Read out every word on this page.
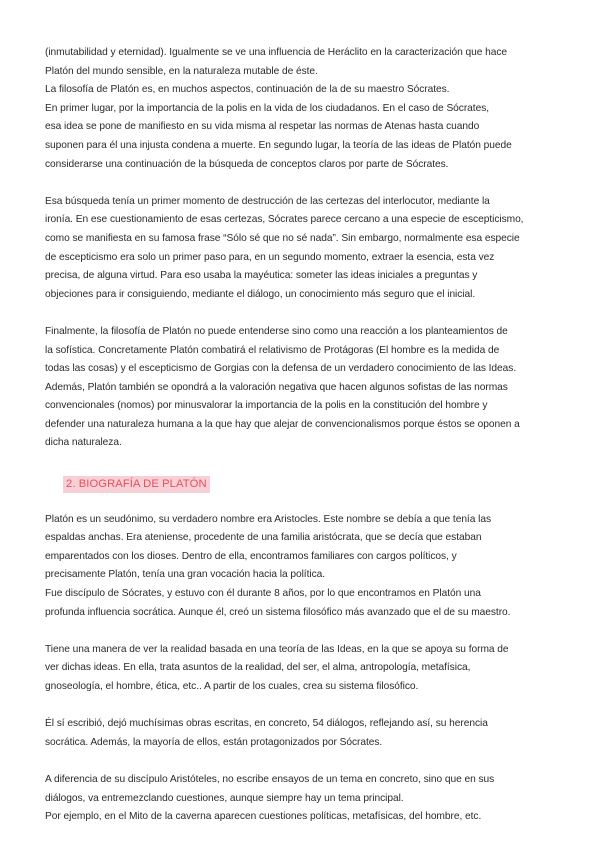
(inmutabilidad y eternidad). Igualmente se ve una influencia de Heráclito en la caracterización que hace

Platón del mundo sensible, en la naturaleza mutable de éste.

La filosofía de Platón es, en muchos aspectos, continuación de la de su maestro Sócrates.

En primer lugar, por la importancia de la polis en la vida de los ciudadanos. En el caso de Sócrates,

esa idea se pone de manifiesto en su vida misma al respetar las normas de Atenas hasta cuando

suponen para él una injusta condena a muerte. En segundo lugar, la teoría de las ideas de Platón puede

considerarse una continuación de la búsqueda de conceptos claros por parte de Sócrates.

Esa búsqueda tenía un primer momento de destrucción de las certezas del interlocutor, mediante la

ironía. En ese cuestionamiento de esas certezas, Sócrates parece cercano a una especie de escepticismo,

como se manifiesta en su famosa frase “Sólo sé que no sé nada”. Sin embargo, normalmente esa especie

de escepticismo era solo un primer paso para, en un segundo momento, extraer la esencia, esta vez

precisa, de alguna virtud. Para eso usaba la mayéutica: someter las ideas iniciales a preguntas y

objeciones para ir consiguiendo, mediante el diálogo, un conocimiento más seguro que el inicial.

Finalmente, la filosofía de Platón no puede entenderse sino como una reacción a los planteamientos de

la sofística. Concretamente Platón combatirá el relativismo de Protágoras (El hombre es la medida de

todas las cosas) y el escepticismo de Gorgias con la defensa de un verdadero conocimiento de las Ideas.

Además, Platón también se opondrá a la valoración negativa que hacen algunos sofistas de las normas

convencionales (nomos) por minusvalorar la importancia de la polis en la constitución del hombre y

defender una naturaleza humana a la que hay que alejar de convencionalismos porque éstos se oponen a

dicha naturaleza.

2. BIOGRAFÍA DE PLATÓN

Platón es un seudónimo, su verdadero nombre era Aristocles. Este nombre se debía a que tenía las

espaldas anchas. Era ateniense, procedente de una familia aristócrata, que se decía que estaban

emparentados con los dioses. Dentro de ella, encontramos familiares con cargos políticos, y

precisamente Platón, tenía una gran vocación hacia la política.

Fue discípulo de Sócrates, y estuvo con él durante 8 años, por lo que encontramos en Platón una

profunda influencia socrática. Aunque él, creó un sistema filosófico más avanzado que el de su maestro.

Tiene una manera de ver la realidad basada en una teoría de las Ideas, en la que se apoya su forma de

ver dichas ideas. En ella, trata asuntos de la realidad, del ser, el alma, antropología, metafísica,

gnoseología, el hombre, ética, etc.. A partir de los cuales, crea su sistema filosófico.

Él sí escribió, dejó muchísimas obras escritas, en concreto, 54 diálogos, reflejando así, su herencia

socrática. Además, la mayoría de ellos, están protagonizados por Sócrates.

A diferencia de su discípulo Aristóteles, no escribe ensayos de un tema en concreto, sino que en sus

diálogos, va entremezclando cuestiones, aunque siempre hay un tema principal.

Por ejemplo, en el Mito de la caverna aparecen cuestiones políticas, metafísicas, del hombre, etc.
